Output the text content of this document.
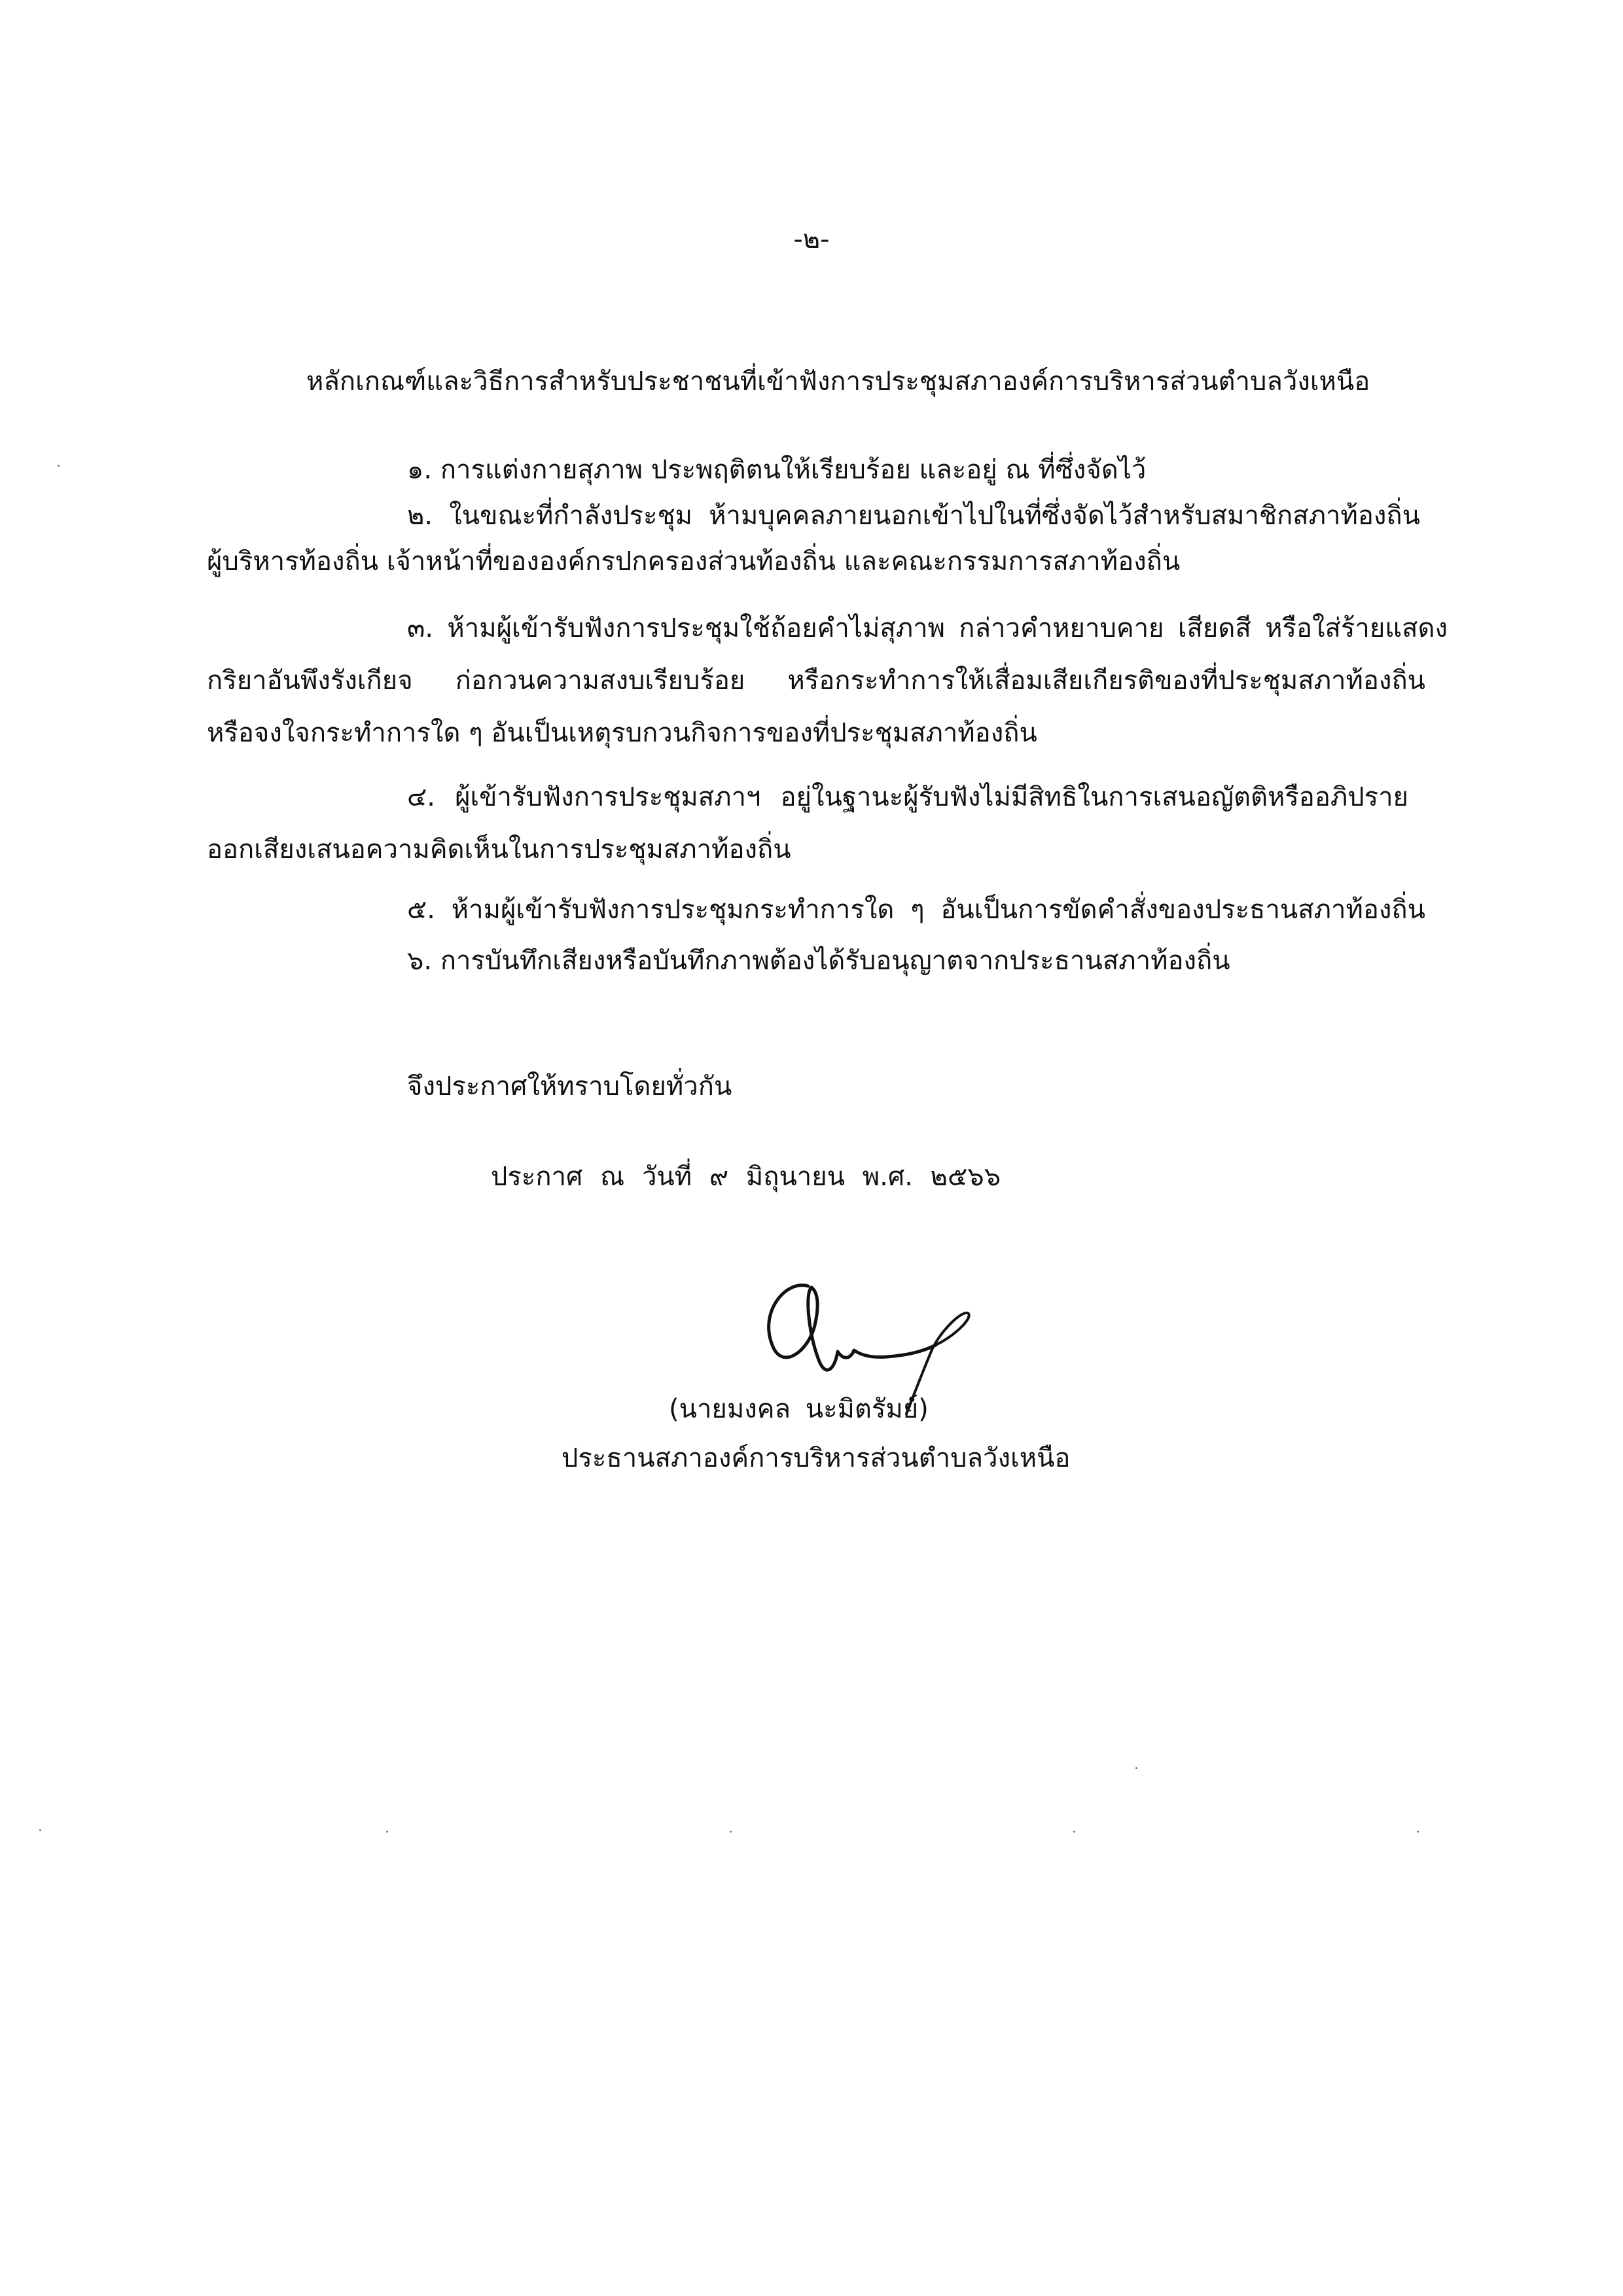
-๒-
หลักเกณฑ์และวิธีการสำหรับประชาชนที่เข้าฟังการประชุมสภาองค์การบริหารส่วนตำบลวังเหนือ
๑. การแต่งกายสุภาพ ประพฤติตนให้เรียบร้อย และอยู่ ณ ที่ซึ่งจัดไว้
๒. ในขณะที่กำลังประชุม ห้ามบุคคลภายนอกเข้าไปในที่ซึ่งจัดไว้สำหรับสมาชิกสภาท้องถิ่น
ผู้บริหารท้องถิ่น เจ้าหน้าที่ขององค์กรปกครองส่วนท้องถิ่น และคณะกรรมการสภาท้องถิ่น
๓. ห้ามผู้เข้ารับฟังการประชุมใช้ถ้อยคำไม่สุภาพ กล่าวคำหยาบคาย เสียดสี หรือใส่ร้ายแสดง
กริยาอันพึงรังเกียจ ก่อกวนความสงบเรียบร้อย หรือกระทำการให้เสื่อมเสียเกียรติของที่ประชุมสภาท้องถิ่น
หรือจงใจกระทำการใด ๆ อันเป็นเหตุรบกวนกิจการของที่ประชุมสภาท้องถิ่น
๔. ผู้เข้ารับฟังการประชุมสภาฯ อยู่ในฐานะผู้รับฟังไม่มีสิทธิในการเสนอญัตติหรืออภิปราย
ออกเสียงเสนอความคิดเห็นในการประชุมสภาท้องถิ่น
๕. ห้ามผู้เข้ารับฟังการประชุมกระทำการใด ๆ อันเป็นการขัดคำสั่งของประธานสภาท้องถิ่น
๖. การบันทึกเสียงหรือบันทึกภาพต้องได้รับอนุญาตจากประธานสภาท้องถิ่น
จึงประกาศให้ทราบโดยทั่วกัน
ประกาศ ณ วันที่ ๙ มิถุนายน พ.ศ. ๒๕๖๖
(นายมงคล นะมิตรัมย์)
ประธานสภาองค์การบริหารส่วนตำบลวังเหนือ
